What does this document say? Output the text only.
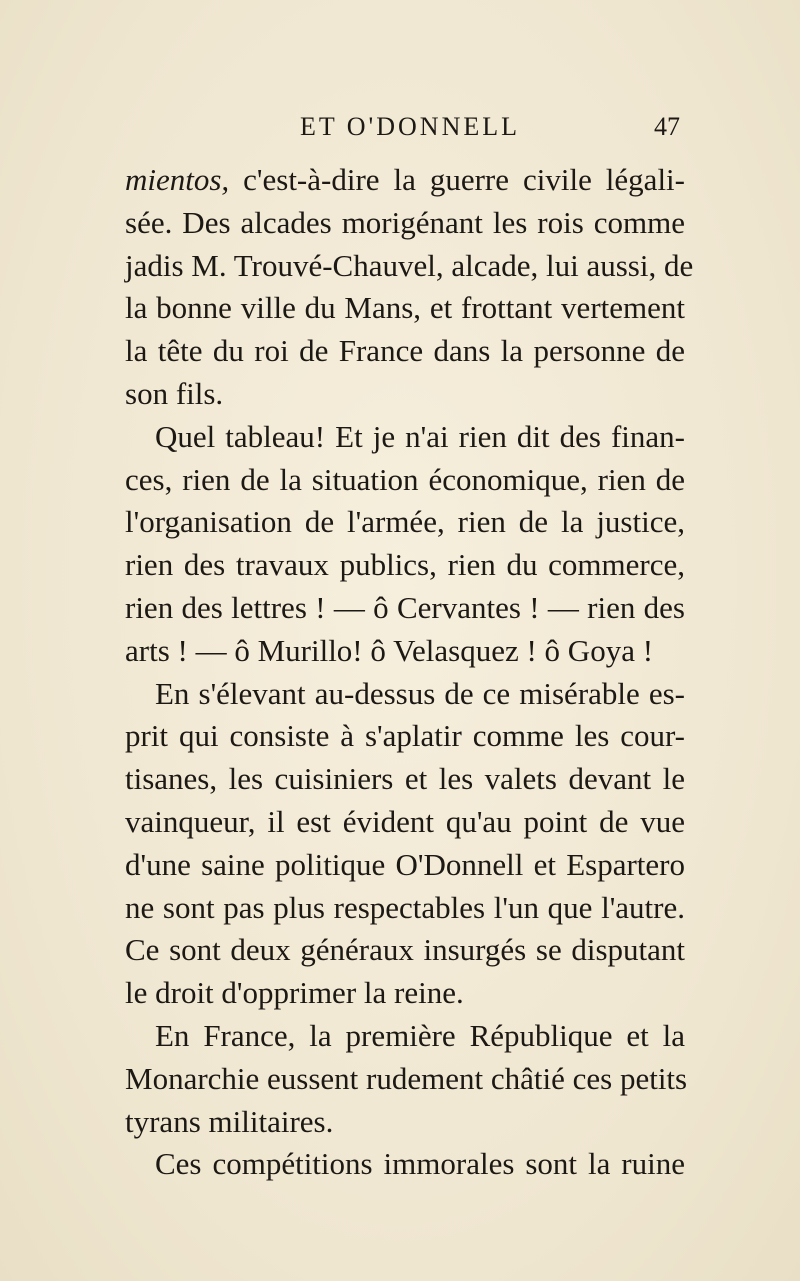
ET O'DONNELL	47
mientos, c'est-à-dire la guerre civile légali-
sée. Des alcades morigénant les rois comme
jadis M. Trouvé-Chauvel, alcade, lui aussi, de
la bonne ville du Mans, et frottant vertement
la tête du roi de France dans la personne de
son fils.
Quel tableau! Et je n'ai rien dit des finan-
ces, rien de la situation économique, rien de
l'organisation de l'armée, rien de la justice,
rien des travaux publics, rien du commerce,
rien des lettres ! — ô Cervantes ! — rien des
arts ! — ô Murillo! ô Velasquez ! ô Goya !
En s'élevant au-dessus de ce misérable es-
prit qui consiste à s'aplatir comme les cour-
tisanes, les cuisiniers et les valets devant le
vainqueur, il est évident qu'au point de vue
d'une saine politique O'Donnell et Espartero
ne sont pas plus respectables l'un que l'autre.
Ce sont deux généraux insurgés se disputant
le droit d'opprimer la reine.
En France, la première République et la
Monarchie eussent rudement châtié ces petits
tyrans militaires.
Ces compétitions immorales sont la ruine
